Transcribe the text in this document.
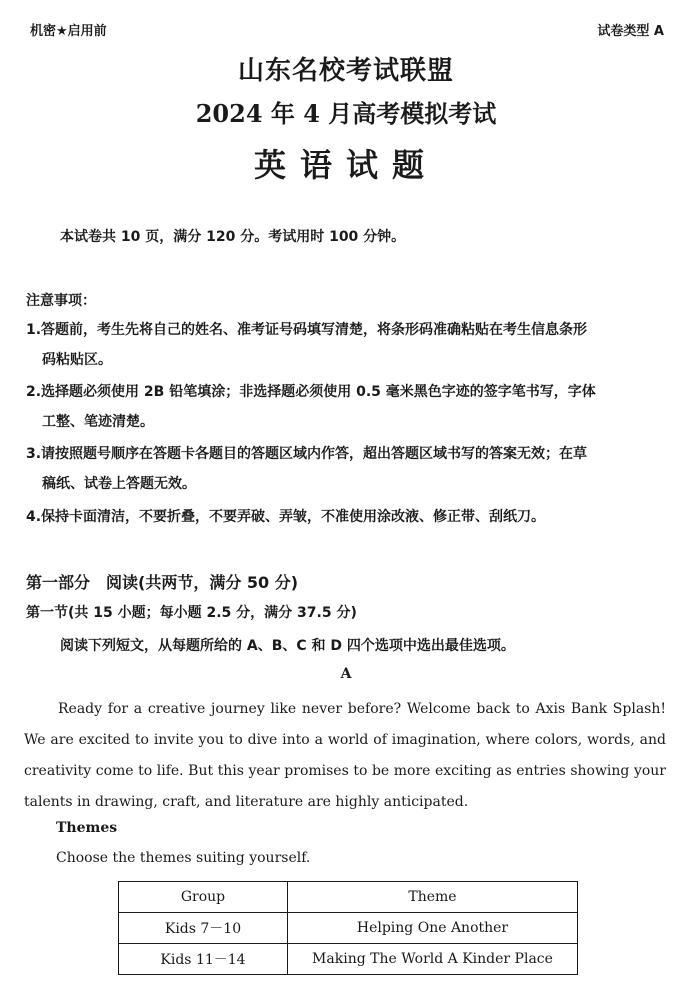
机密★启用前	试卷类型 A
山东名校考试联盟
2024 年 4 月高考模拟考试
英语试题
本试卷共 10 页，满分 120 分。考试用时 100 分钟。
注意事项：
1.答题前，考生先将自己的姓名、准考证号码填写清楚，将条形码准确粘贴在考生信息条形
码粘贴区。
2.选择题必须使用 2B 铅笔填涂；非选择题必须使用 0.5 毫米黑色字迹的签字笔书写，字体
工整、笔迹清楚。
3.请按照题号顺序在答题卡各题目的答题区域内作答，超出答题区域书写的答案无效；在草
稿纸、试卷上答题无效。
4.保持卡面清洁，不要折叠，不要弄破、弄皱，不准使用涂改液、修正带、刮纸刀。
第一部分　阅读(共两节，满分 50 分)
第一节(共 15 小题；每小题 2.5 分，满分 37.5 分)
阅读下列短文，从每题所给的 A、B、C 和 D 四个选项中选出最佳选项。
A
Ready for a creative journey like never before? Welcome back to Axis Bank Splash! We are excited to invite you to dive into a world of imagination, where colors, words, and creativity come to life. But this year promises to be more exciting as entries showing your talents in drawing, craft, and literature are highly anticipated.
Themes
Choose the themes suiting yourself.
Group	Theme
Kids 7－10	Helping One Another
Kids 11－14	Making The World A Kinder Place
